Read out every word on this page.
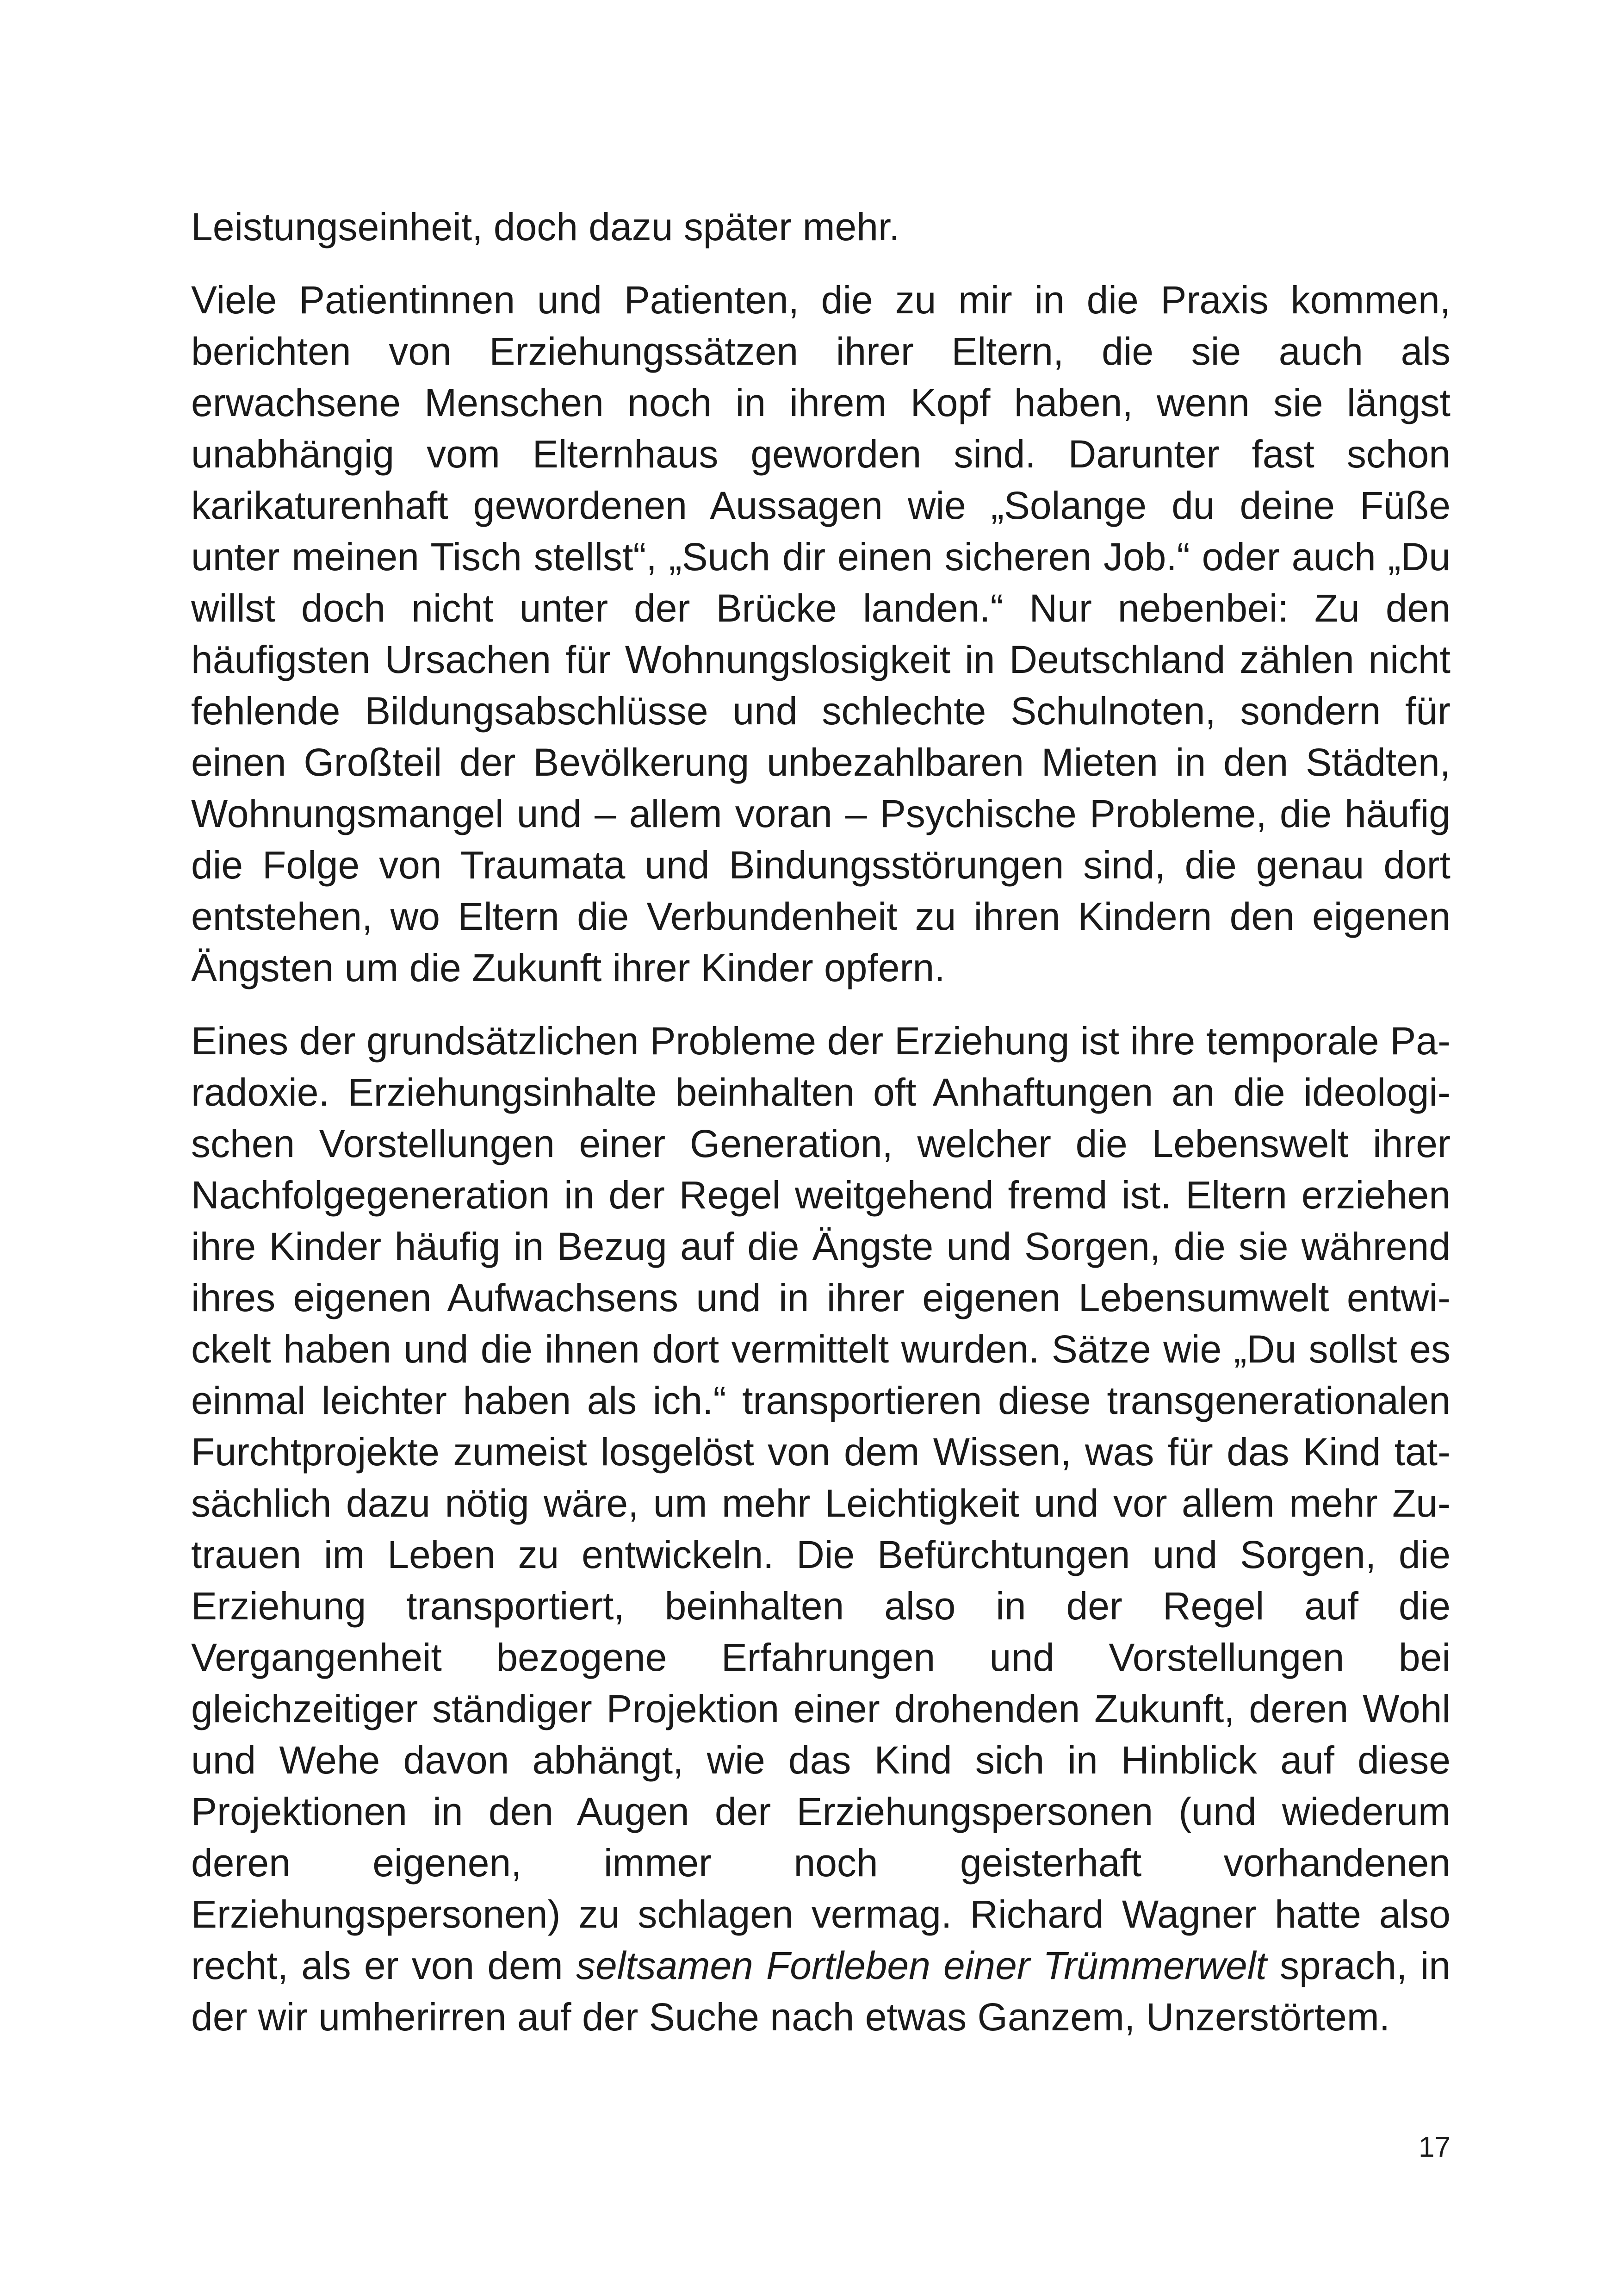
Leistungseinheit, doch dazu später mehr.

Viele Patientinnen und Patienten, die zu mir in die Praxis kommen, berichten von Erziehungssätzen ihrer Eltern, die sie auch als erwachsene Menschen noch in ihrem Kopf haben, wenn sie längst unabhängig vom Elternhaus geworden sind. Darunter fast schon karikaturenhaft gewordenen Aussagen wie „Solange du deine Füße unter meinen Tisch stellst“, „Such dir einen sicheren Job.“ oder auch „Du willst doch nicht unter der Brücke landen.“ Nur nebenbei: Zu den häufigsten Ursachen für Wohnungslosigkeit in Deutschland zählen nicht fehlende Bildungsabschlüsse und schlechte Schulnoten, sondern für einen Großteil der Bevölkerung unbezahlbaren Mieten in den Städten, Wohnungsmangel und – allem voran – Psychische Probleme, die häufig die Folge von Traumata und Bindungsstörungen sind, die genau dort entstehen, wo Eltern die Verbundenheit zu ihren Kindern den eigenen Ängsten um die Zukunft ihrer Kinder opfern.

Eines der grundsätzlichen Probleme der Erziehung ist ihre temporale Paradoxie. Erziehungsinhalte beinhalten oft Anhaftungen an die ideologischen Vorstellungen einer Generation, welcher die Lebenswelt ihrer Nachfolgegeneration in der Regel weitgehend fremd ist. Eltern erziehen ihre Kinder häufig in Bezug auf die Ängste und Sorgen, die sie während ihres eigenen Aufwachsens und in ihrer eigenen Lebensumwelt entwickelt haben und die ihnen dort vermittelt wurden. Sätze wie „Du sollst es einmal leichter haben als ich.“ transportieren diese transgenerationalen Furchtprojekte zumeist losgelöst von dem Wissen, was für das Kind tatsächlich dazu nötig wäre, um mehr Leichtigkeit und vor allem mehr Zutrauen im Leben zu entwickeln. Die Befürchtungen und Sorgen, die Erziehung transportiert, beinhalten also in der Regel auf die Vergangenheit bezogene Erfahrungen und Vorstellungen bei gleichzeitiger ständiger Projektion einer drohenden Zukunft, deren Wohl und Wehe davon abhängt, wie das Kind sich in Hinblick auf diese Projektionen in den Augen der Erziehungspersonen (und wiederum deren eigenen, immer noch geisterhaft vorhandenen Erziehungspersonen) zu schlagen vermag. Richard Wagner hatte also recht, als er von dem seltsamen Fortleben einer Trümmerwelt sprach, in der wir umherirren auf der Suche nach etwas Ganzem, Unzerstörtem.

17
